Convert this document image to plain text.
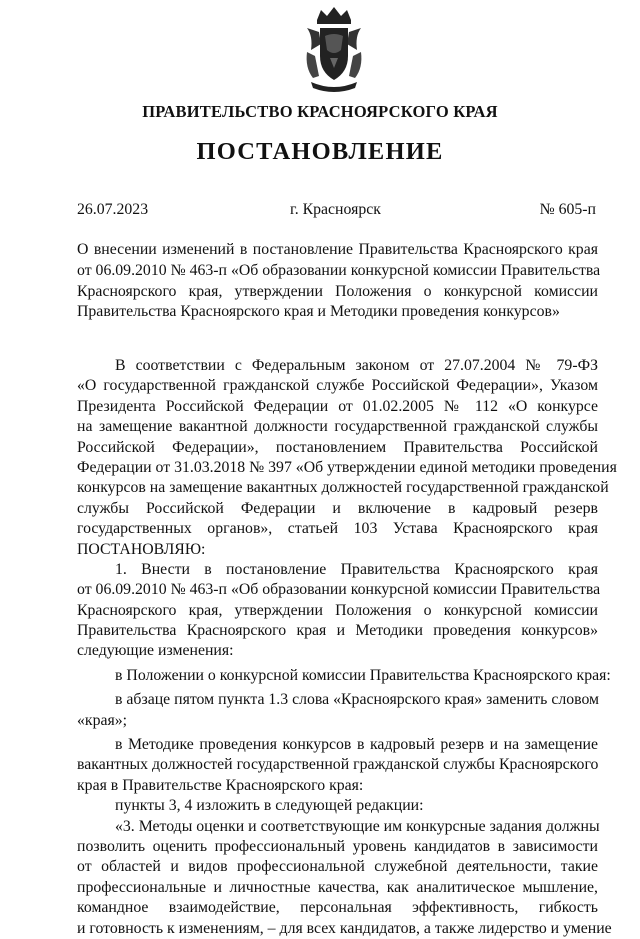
ПРАВИТЕЛЬСТВО КРАСНОЯРСКОГО КРАЯ
ПОСТАНОВЛЕНИЕ
26.07.2023	г. Красноярск	№ 605-п
О внесении изменений в постановление Правительства Красноярского края
от 06.09.2010 № 463-п «Об образовании конкурсной комиссии Правительства
Красноярского края, утверждении Положения о конкурсной комиссии
Правительства Красноярского края и Методики проведения конкурсов»
В соответствии с Федеральным законом от 27.07.2004 № 79-ФЗ
«О государственной гражданской службе Российской Федерации», Указом
Президента Российской Федерации от 01.02.2005 № 112 «О конкурсе
на замещение вакантной должности государственной гражданской службы
Российской Федерации», постановлением Правительства Российской
Федерации от 31.03.2018 № 397 «Об утверждении единой методики проведения
конкурсов на замещение вакантных должностей государственной гражданской
службы Российской Федерации и включение в кадровый резерв
государственных органов», статьей 103 Устава Красноярского края
ПОСТАНОВЛЯЮ:
1. Внести в постановление Правительства Красноярского края
от 06.09.2010 № 463-п «Об образовании конкурсной комиссии Правительства
Красноярского края, утверждении Положения о конкурсной комиссии
Правительства Красноярского края и Методики проведения конкурсов»
следующие изменения:
в Положении о конкурсной комиссии Правительства Красноярского края:
в абзаце пятом пункта 1.3 слова «Красноярского края» заменить словом
«края»;
в Методике проведения конкурсов в кадровый резерв и на замещение
вакантных должностей государственной гражданской службы Красноярского
края в Правительстве Красноярского края:
пункты 3, 4 изложить в следующей редакции:
«3. Методы оценки и соответствующие им конкурсные задания должны
позволить оценить профессиональный уровень кандидатов в зависимости
от областей и видов профессиональной служебной деятельности, такие
профессиональные и личностные качества, как аналитическое мышление,
командное взаимодействие, персональная эффективность, гибкость
и готовность к изменениям, – для всех кандидатов, а также лидерство и умение
